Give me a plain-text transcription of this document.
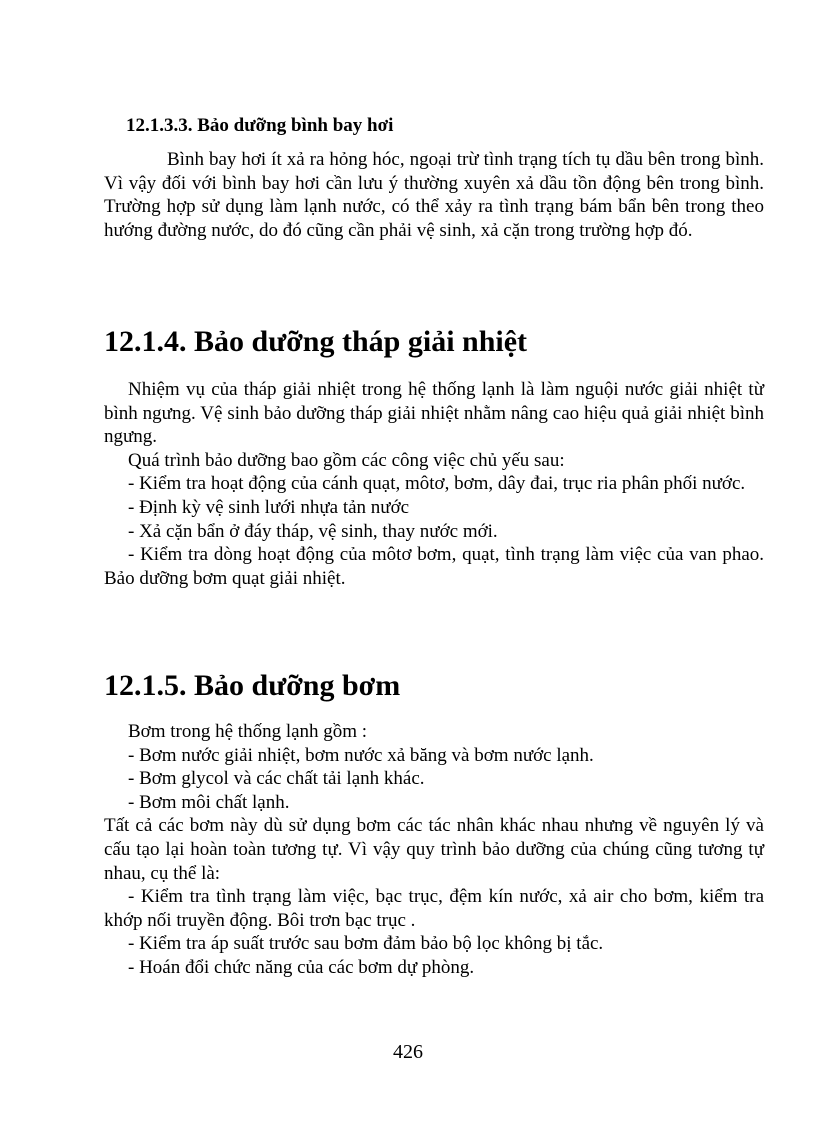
12.1.3.3. Bảo dưỡng bình bay hơi

Bình bay hơi ít xả ra hỏng hóc, ngoại trừ tình trạng tích tụ dầu bên trong bình. Vì vậy đối với bình bay hơi cần lưu ý thường xuyên xả dầu tồn động bên trong bình. Trường hợp sử dụng làm lạnh nước, có thể xảy ra tình trạng bám bẩn bên trong theo hướng đường nước, do đó cũng cần phải vệ sinh, xả cặn trong trường hợp đó.

12.1.4. Bảo dưỡng tháp giải nhiệt

Nhiệm vụ của tháp giải nhiệt trong hệ thống lạnh là làm nguội nước giải nhiệt từ bình ngưng. Vệ sinh bảo dưỡng tháp giải nhiệt nhằm nâng cao hiệu quả giải nhiệt bình ngưng.

Quá trình bảo dưỡng bao gồm các công việc chủ yếu sau:

- Kiểm tra hoạt động của cánh quạt, môtơ, bơm, dây đai, trục ria phân phối nước.

- Định kỳ vệ sinh lưới nhựa tản nước

- Xả cặn bẩn ở đáy tháp, vệ sinh, thay nước mới.

- Kiểm tra dòng hoạt động của môtơ bơm, quạt, tình trạng làm việc của van phao. Bảo dưỡng bơm quạt giải nhiệt.

12.1.5. Bảo dưỡng bơm

Bơm trong hệ thống lạnh gồm :

- Bơm nước giải nhiệt, bơm nước xả băng và bơm nước lạnh.

- Bơm glycol và các chất tải lạnh khác.

- Bơm môi chất lạnh.

Tất cả các bơm này dù sử dụng bơm các tác nhân khác nhau nhưng về nguyên lý và cấu tạo lại hoàn toàn tương tự. Vì vậy quy trình bảo dưỡng của chúng cũng tương tự nhau, cụ thể là:

- Kiểm tra tình trạng làm việc, bạc trục, đệm kín nước, xả air cho bơm, kiểm tra khớp nối truyền động. Bôi trơn bạc trục .

- Kiểm tra áp suất trước sau bơm đảm bảo bộ lọc không bị tắc.

- Hoán đổi chức năng của các bơm dự phòng.

426
